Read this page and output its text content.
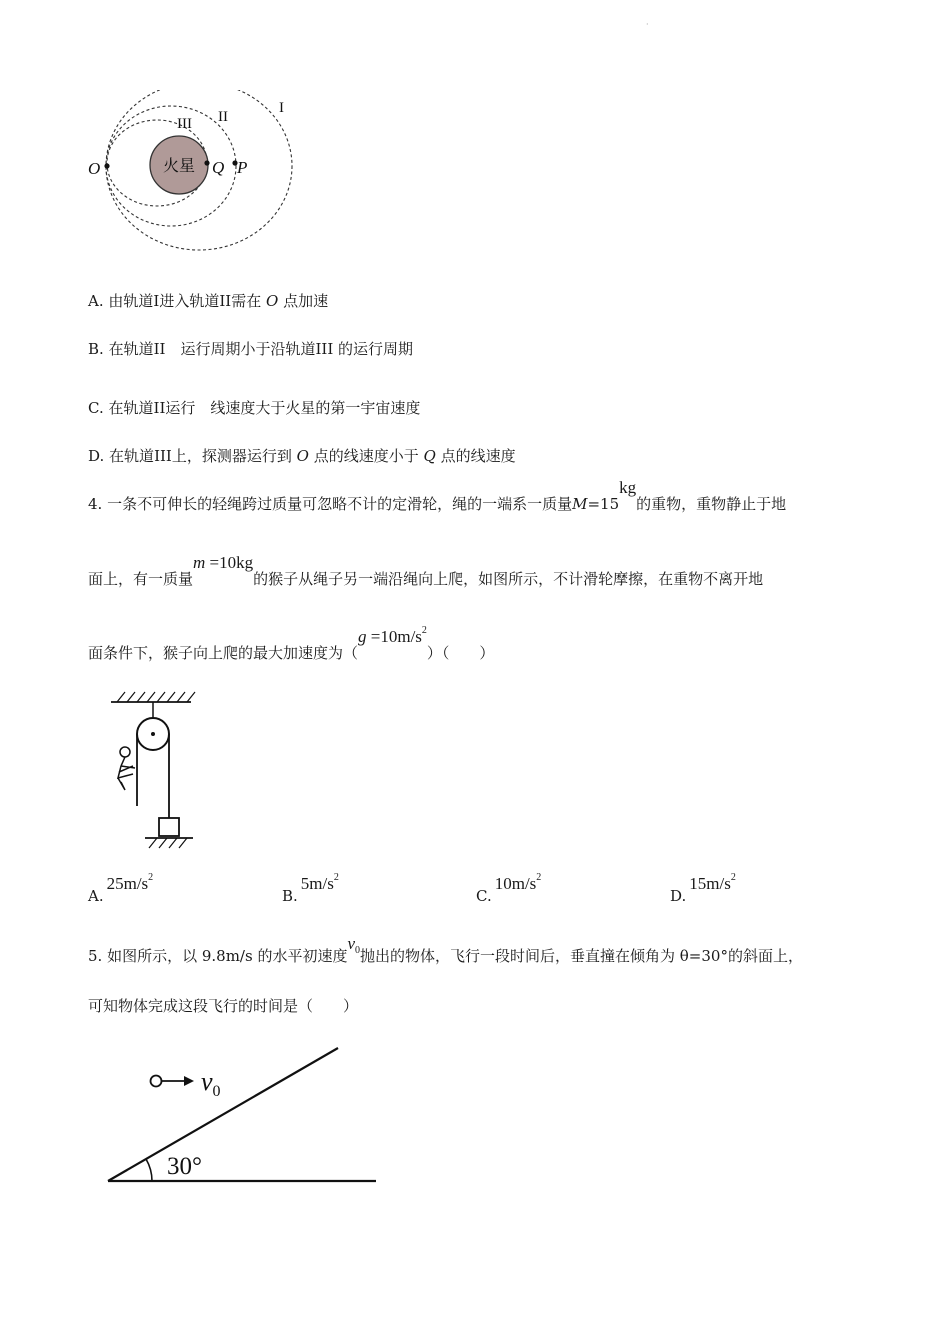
·
火星
I
II
III
O	Q P
A. 由轨道I进入轨道II需在 O 点加速
B. 在轨道II　运行周期小于沿轨道III 的运行周期
C. 在轨道II运行　线速度大于火星的第一宇宙速度
D. 在轨道III上，探测器运行到 O 点的线速度小于 Q 点的线速度
4. 一条不可伸长的轻绳跨过质量可忽略不计的定滑轮，绳的一端系一质量M=15kg的重物，重物静止于地
面上，有一质量m =10kg的猴子从绳子另一端沿绳向上爬，如图所示，不计滑轮摩擦，在重物不离开地
面条件下，猴子向上爬的最大加速度为$(g =10m/s^2)$（　　）
$A.25m/s^2$
$B.5m/s^2$
$C.10m/s^2$
$D.15m/s^2$
5. 如图所示，以 9.8m/s 的水平初速度$v_0$抛出的物体，飞行一段时间后，垂直撞在倾角为 θ=30°的斜面上，
可知物体完成这段飞行的时间是（　　）
30°
$v_0$
